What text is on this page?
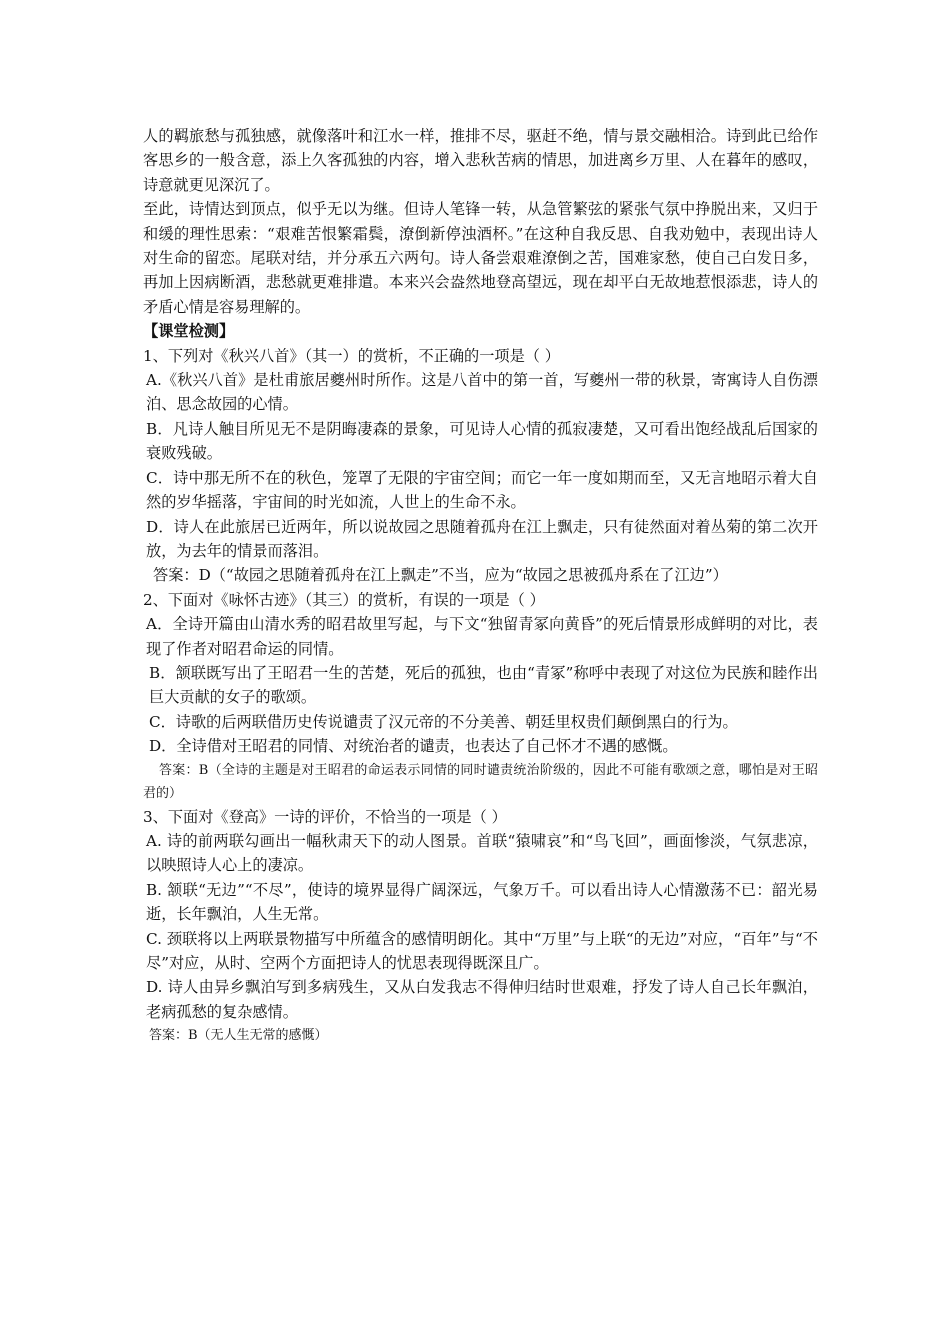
人的羁旅愁与孤独感，就像落叶和江水一样，推排不尽，驱赶不绝，情与景交融相洽。诗到此已给作客思乡的一般含意，添上久客孤独的内容，增入悲秋苦病的情思，加进离乡万里、人在暮年的感叹，诗意就更见深沉了。

至此，诗情达到顶点，似乎无以为继。但诗人笔锋一转，从急管繁弦的紧张气氛中挣脱出来，又归于和缓的理性思索：“艰难苦恨繁霜鬓，潦倒新停浊酒杯。”在这种自我反思、自我劝勉中，表现出诗人对生命的留恋。尾联对结，并分承五六两句。诗人备尝艰难潦倒之苦，国难家愁，使自己白发日多，再加上因病断酒，悲愁就更难排遣。本来兴会盎然地登高望远，现在却平白无故地惹恨添悲，诗人的矛盾心情是容易理解的。

【课堂检测】

1、下列对《秋兴八首》（其一）的赏析，不正确的一项是（ ）

A.《秋兴八首》是杜甫旅居夔州时所作。这是八首中的第一首，写夔州一带的秋景，寄寓诗人自伤漂泊、思念故园的心情。

B．凡诗人触目所见无不是阴晦凄森的景象，可见诗人心情的孤寂凄楚，又可看出饱经战乱后国家的衰败残破。

C．诗中那无所不在的秋色，笼罩了无限的宇宙空间；而它一年一度如期而至，又无言地昭示着大自然的岁华摇落，宇宙间的时光如流，人世上的生命不永。

D．诗人在此旅居已近两年，所以说故园之思随着孤舟在江上飘走，只有徒然面对着丛菊的第二次开放，为去年的情景而落泪。

答案：D（“故园之思随着孤舟在江上飘走”不当，应为“故园之思被孤舟系在了江边”）

2、下面对《咏怀古迹》（其三）的赏析，有误的一项是（ ）

A．全诗开篇由山清水秀的昭君故里写起，与下文“独留青冢向黄昏”的死后情景形成鲜明的对比，表现了作者对昭君命运的同情。

B．颔联既写出了王昭君一生的苦楚，死后的孤独，也由“青冢”称呼中表现了对这位为民族和睦作出巨大贡献的女子的歌颂。

C．诗歌的后两联借历史传说谴责了汉元帝的不分美善、朝廷里权贵们颠倒黑白的行为。

D．全诗借对王昭君的同情、对统治者的谴责，也表达了自己怀才不遇的感慨。

答案：B（全诗的主题是对王昭君的命运表示同情的同时谴责统治阶级的，因此不可能有歌颂之意，哪怕是对王昭君的）

3、下面对《登高》一诗的评价，不恰当的一项是（ ）

A. 诗的前两联勾画出一幅秋肃天下的动人图景。首联“猿啸哀”和“鸟飞回”，画面惨淡，气氛悲凉，以映照诗人心上的凄凉。

B. 颔联“无边”“不尽”，使诗的境界显得广阔深远，气象万千。可以看出诗人心情激荡不已：韶光易逝，长年飘泊，人生无常。

C. 颈联将以上两联景物描写中所蕴含的感情明朗化。其中“万里”与上联“的无边”对应，“百年”与“不尽”对应，从时、空两个方面把诗人的忧思表现得既深且广。

D. 诗人由异乡飘泊写到多病残生，又从白发我志不得伸归结时世艰难，抒发了诗人自己长年飘泊，老病孤愁的复杂感情。

答案：B（无人生无常的感慨）
